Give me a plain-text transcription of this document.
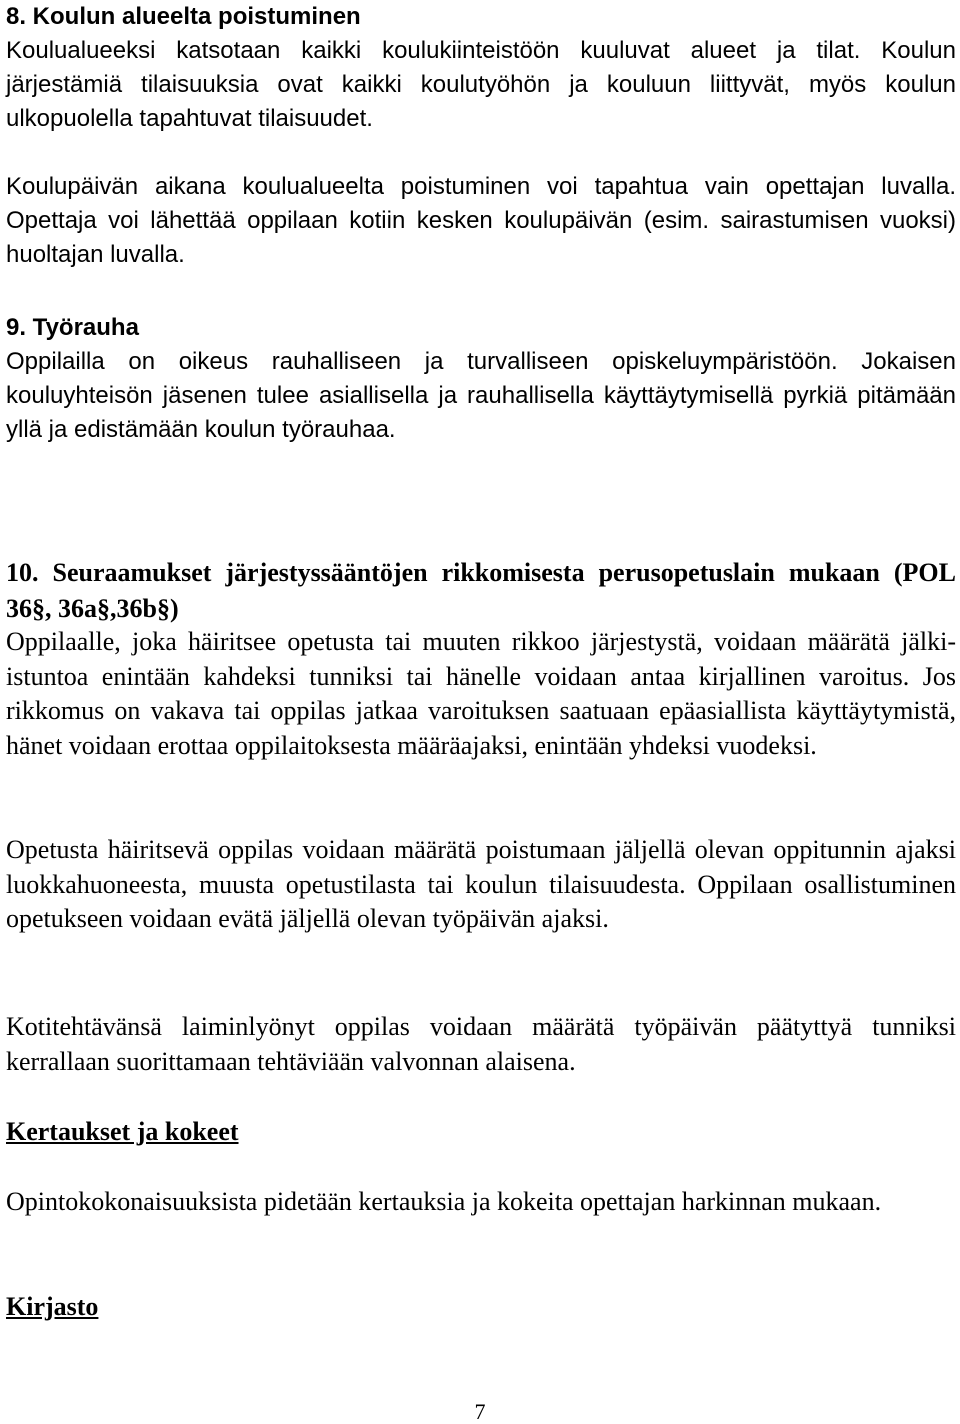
8. Koulun alueelta poistuminen

Koulualueeksi katsotaan kaikki koulukiinteistöön kuuluvat alueet ja tilat. Koulun järjestämiä tilaisuuksia ovat kaikki koulutyöhön ja kouluun liittyvät, myös koulun ulkopuolella tapahtuvat tilaisuudet.

Koulupäivän aikana koulualueelta poistuminen voi tapahtua vain opettajan luvalla. Opettaja voi lähettää oppilaan kotiin kesken koulupäivän (esim. sairastumisen vuoksi) huoltajan luvalla.

9. Työrauha

Oppilailla on oikeus rauhalliseen ja turvalliseen opiskeluympäristöön. Jokaisen kouluyhteisön jäsenen tulee asiallisella ja rauhallisella käyttäytymisellä pyrkiä pitämään yllä ja edistämään koulun työrauhaa.

10. Seuraamukset järjestyssääntöjen rikkomisesta perusopetuslain mukaan (POL 36§, 36a§,36b§)

Oppilaalle, joka häiritsee opetusta tai muuten rikkoo järjestystä, voidaan määrätä jälki-istuntoa enintään kahdeksi tunniksi tai hänelle voidaan antaa kirjallinen varoitus. Jos rikkomus on vakava tai oppilas jatkaa varoituksen saatuaan epäasiallista käyttäytymistä, hänet voidaan erottaa oppilaitoksesta määräajaksi, enintään yhdeksi vuodeksi.

Opetusta häiritsevä oppilas voidaan määrätä poistumaan jäljellä olevan oppitunnin ajaksi luokkahuoneesta, muusta opetustilasta tai koulun tilaisuudesta. Oppilaan osallistuminen opetukseen voidaan evätä jäljellä olevan työpäivän ajaksi.

Kotitehtävänsä laiminlyönyt oppilas voidaan määrätä työpäivän päätyttyä tunniksi kerrallaan suorittamaan tehtäviään valvonnan alaisena.

Kertaukset ja kokeet

Opintokokonaisuuksista pidetään kertauksia ja kokeita opettajan harkinnan mukaan.

Kirjasto
7
